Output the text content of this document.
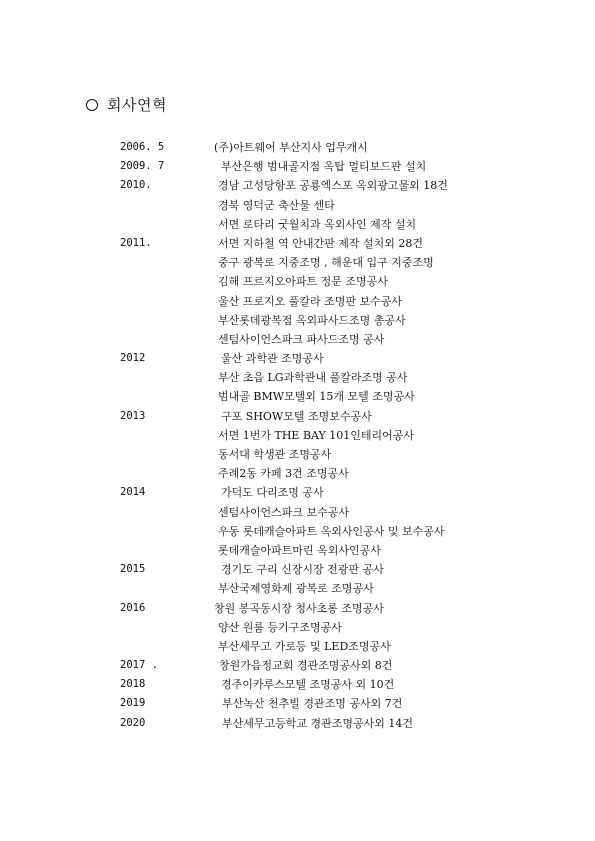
회사연혁
2006. 5	(주)아트웨어 부산지사 업무개시
2009. 7	부산은행 범내골지점 옥탑 멀티보드판 설치
2010.	경남 고성당항포 공룡엑스포 옥외광고물외 18건
경북 영덕군 축산물 센타
서면 로타리 굿월치과 옥외사인 제작 설치
2011.	서면 지하철 역 안내간판 제작 설치외 28건
중구 광복로 지중조명 , 해운대 입구 지중조명
김해 프르지오아파트 정문 조명공사
울산 프로지오 풀칼라 조명판 보수공사
부산롯데광복점 옥외파사드조명 총공사
센텀사이언스파크 파사드조명 공사
2012	울산 과학관 조명공사
부산 초읍 LG과학관내 풀칼라조명 공사
범내골 BMW모텔외 15개 모텔 조명공사
2013	구포 SHOW모텔 조명보수공사
서면 1번가 THE BAY 101인테리어공사
동서대 학생관 조명공사
주례2동 카페 3건 조명공사
2014	가덕도 다리조명 공사
센텀사이언스파크 보수공사
우동 롯데캐슬아파트 옥외사인공사 및 보수공사
롯데캐슬아파트마린 옥외사인공사
2015	경기도 구리 신장시장 전광판 공사
부산국제영화제 광복로 조명공사
2016	창원 봉곡동시장 청사초롱 조명공사
양산 원룸 등기구조명공사
부산세무고 가로등 및 LED조명공사
2017 .	창원가음정교회 경관조명공사외 8건
2018	경주이카루스모텔 조명공사 외 10건
2019	부산녹산 천추빌 경관조명 공사외 7건
2020	부산세무고등학교 경관조명공사외 14건
